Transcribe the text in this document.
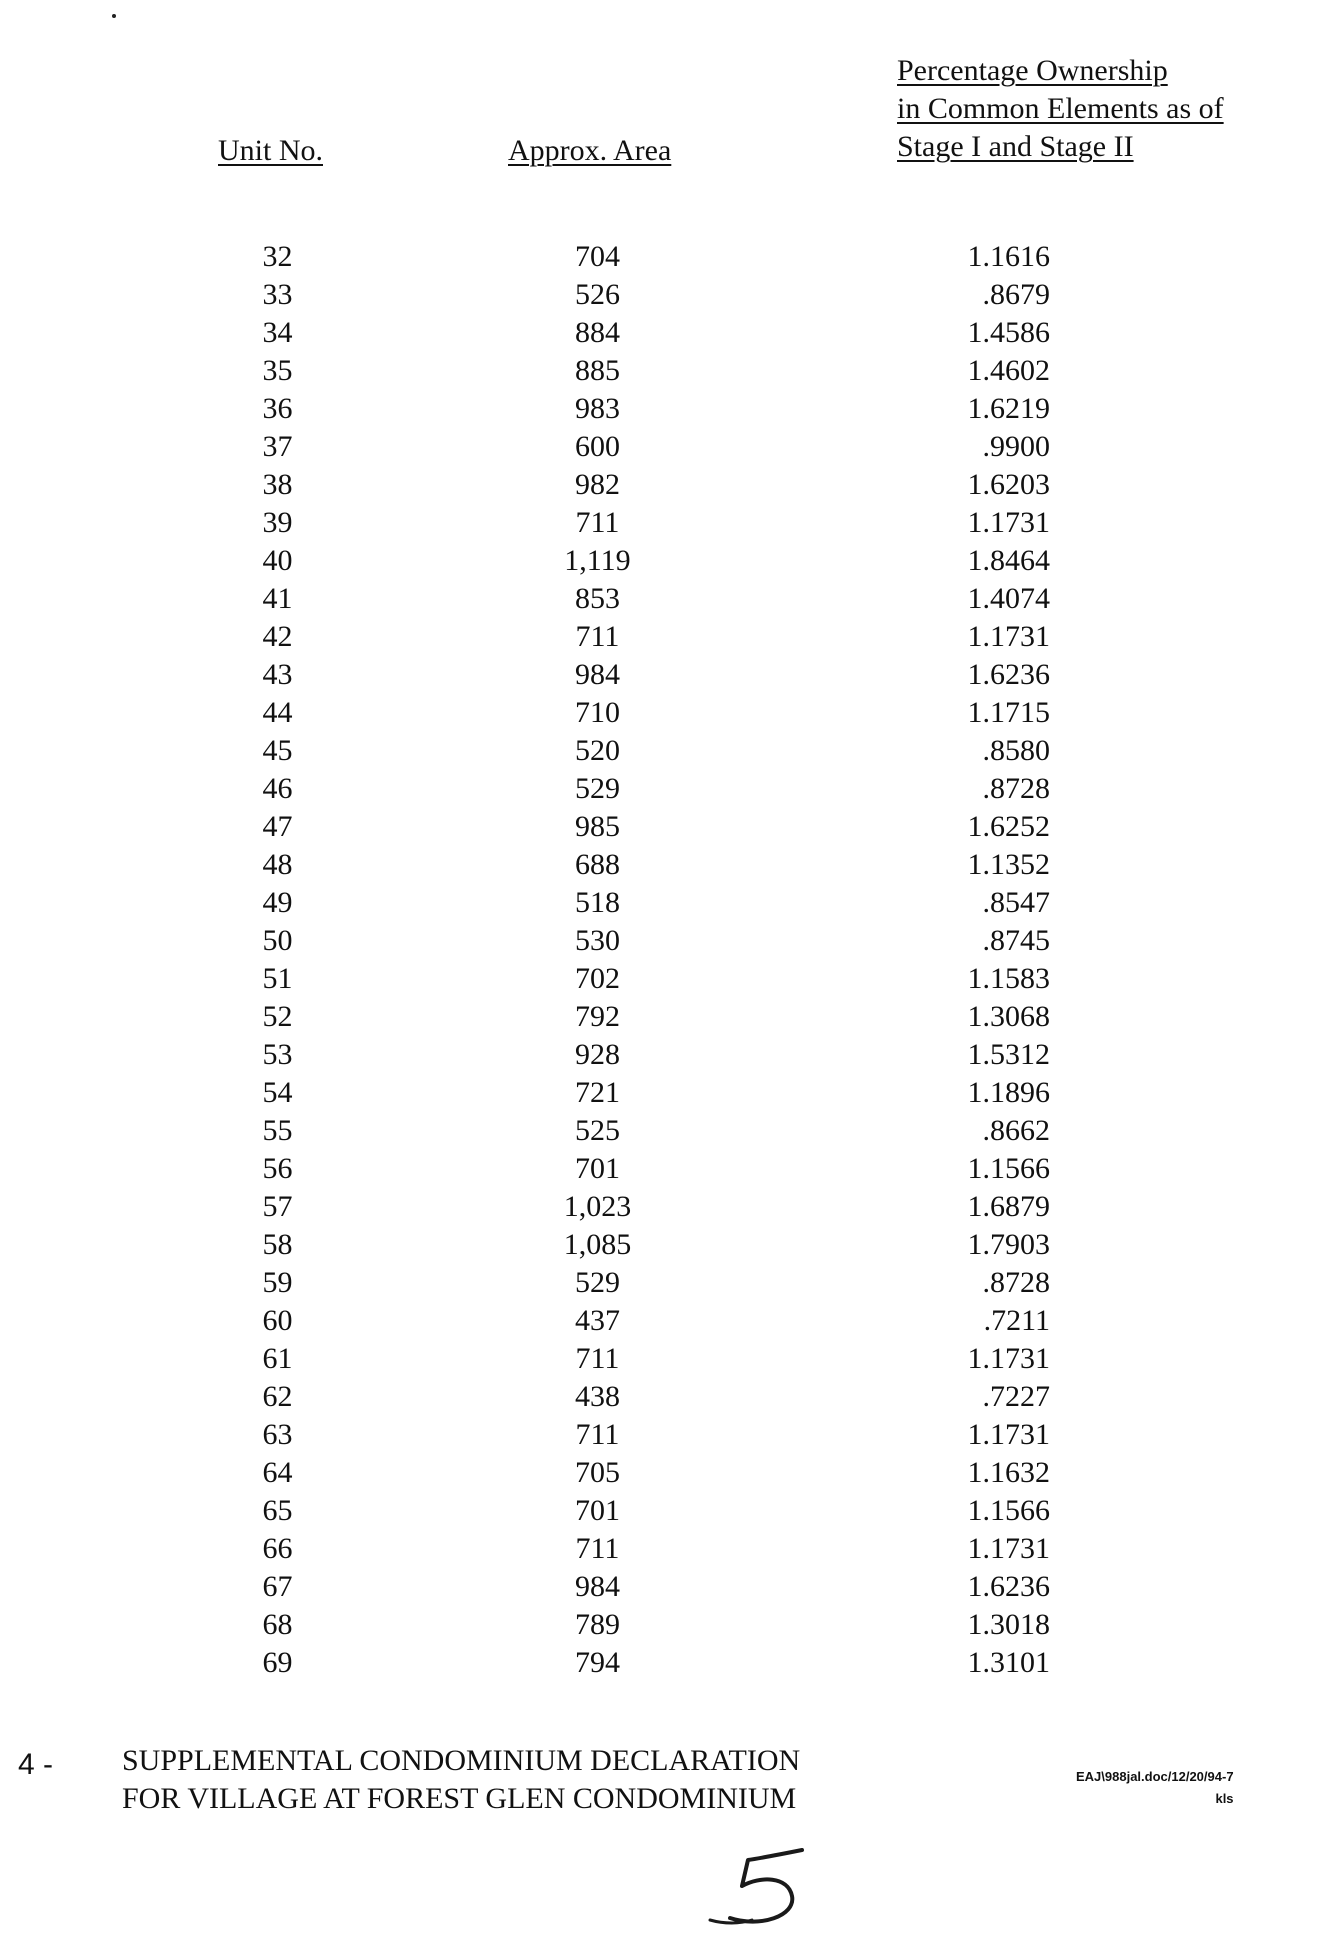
Unit No.	Approx. Area
Percentage Ownership
in Common Elements as of
Stage I and Stage II
32	704	1.1616
33	526	.8679
34	884	1.4586
35	885	1.4602
36	983	1.6219
37	600	.9900
38	982	1.6203
39	711	1.1731
40	1,119	1.8464
41	853	1.4074
42	711	1.1731
43	984	1.6236
44	710	1.1715
45	520	.8580
46	529	.8728
47	985	1.6252
48	688	1.1352
49	518	.8547
50	530	.8745
51	702	1.1583
52	792	1.3068
53	928	1.5312
54	721	1.1896
55	525	.8662
56	701	1.1566
57	1,023	1.6879
58	1,085	1.7903
59	529	.8728
60	437	.7211
61	711	1.1731
62	438	.7227
63	711	1.1731
64	705	1.1632
65	701	1.1566
66	711	1.1731
67	984	1.6236
68	789	1.3018
69	794	1.3101
4 - SUPPLEMENTAL CONDOMINIUM DECLARATION
FOR VILLAGE AT FOREST GLEN CONDOMINIUM
EAJ\988jal.doc/12/20/94-7
kls
